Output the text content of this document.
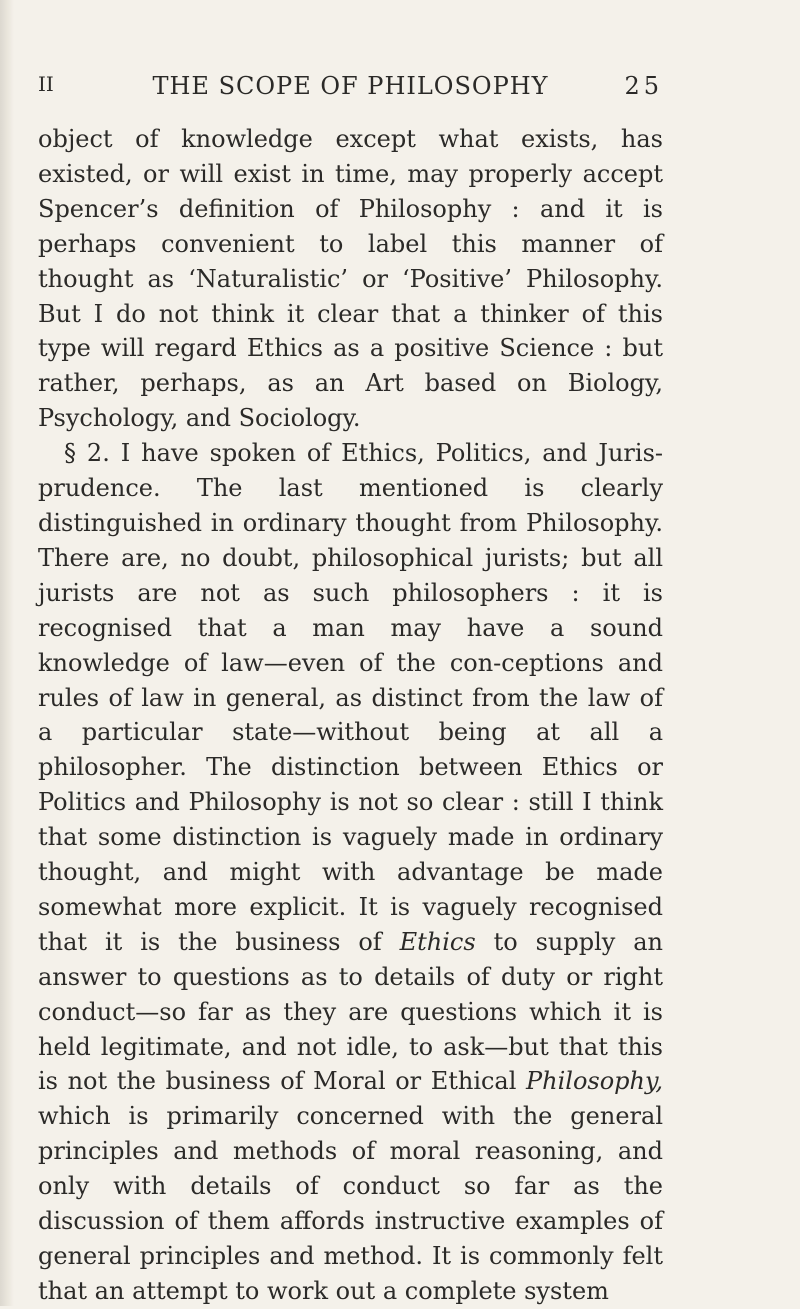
II	THE SCOPE OF PHILOSOPHY	25

object of knowledge except what exists, has existed, or will exist in time, may properly accept Spencer’s definition of Philosophy : and it is perhaps convenient to label this manner of thought as ‘Naturalistic’ or ‘Positive’ Philosophy. But I do not think it clear that a thinker of this type will regard Ethics as a positive Science : but rather, perhaps, as an Art based on Biology, Psychology, and Sociology.

§ 2. I have spoken of Ethics, Politics, and Juris-prudence. The last mentioned is clearly distinguished in ordinary thought from Philosophy. There are, no doubt, philosophical jurists; but all jurists are not as such philosophers : it is recognised that a man may have a sound knowledge of law—even of the con-ceptions and rules of law in general, as distinct from the law of a particular state—without being at all a philosopher. The distinction between Ethics or Politics and Philosophy is not so clear : still I think that some distinction is vaguely made in ordinary thought, and might with advantage be made somewhat more explicit. It is vaguely recognised that it is the business of Ethics to supply an answer to questions as to details of duty or right conduct—so far as they are questions which it is held legitimate, and not idle, to ask—but that this is not the business of Moral or Ethical Philosophy, which is primarily concerned with the general principles and methods of moral reasoning, and only with details of conduct so far as the discussion of them affords instructive examples of general principles and method. It is commonly felt that an attempt to work out a complete system
